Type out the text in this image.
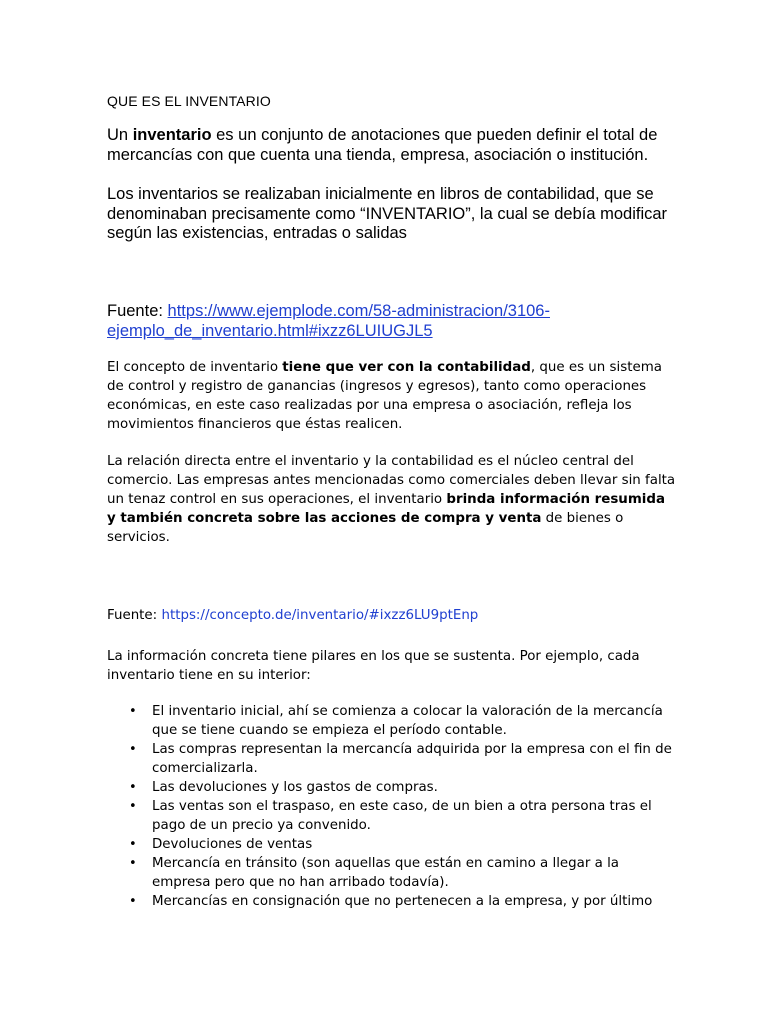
QUE ES EL INVENTARIO

Un inventario es un conjunto de anotaciones que pueden definir el total de mercancías con que cuenta una tienda, empresa, asociación o institución.

Los inventarios se realizaban inicialmente en libros de contabilidad, que se denominaban precisamente como “INVENTARIO”, la cual se debía modificar según las existencias, entradas o salidas

Fuente: https://www.ejemplode.com/58-administracion/3106-ejemplo_de_inventario.html#ixzz6LUIUGJL5

El concepto de inventario tiene que ver con la contabilidad, que es un sistema de control y registro de ganancias (ingresos y egresos), tanto como operaciones económicas, en este caso realizadas por una empresa o asociación, refleja los movimientos financieros que éstas realicen.

La relación directa entre el inventario y la contabilidad es el núcleo central del comercio. Las empresas antes mencionadas como comerciales deben llevar sin falta un tenaz control en sus operaciones, el inventario brinda información resumida y también concreta sobre las acciones de compra y venta de bienes o servicios.

Fuente: https://concepto.de/inventario/#ixzz6LU9ptEnp

La información concreta tiene pilares en los que se sustenta. Por ejemplo, cada inventario tiene en su interior:

• El inventario inicial, ahí se comienza a colocar la valoración de la mercancía que se tiene cuando se empieza el período contable.
• Las compras representan la mercancía adquirida por la empresa con el fin de comercializarla.
• Las devoluciones y los gastos de compras.
• Las ventas son el traspaso, en este caso, de un bien a otra persona tras el pago de un precio ya convenido.
• Devoluciones de ventas
• Mercancía en tránsito (son aquellas que están en camino a llegar a la empresa pero que no han arribado todavía).
• Mercancías en consignación que no pertenecen a la empresa, y por último
